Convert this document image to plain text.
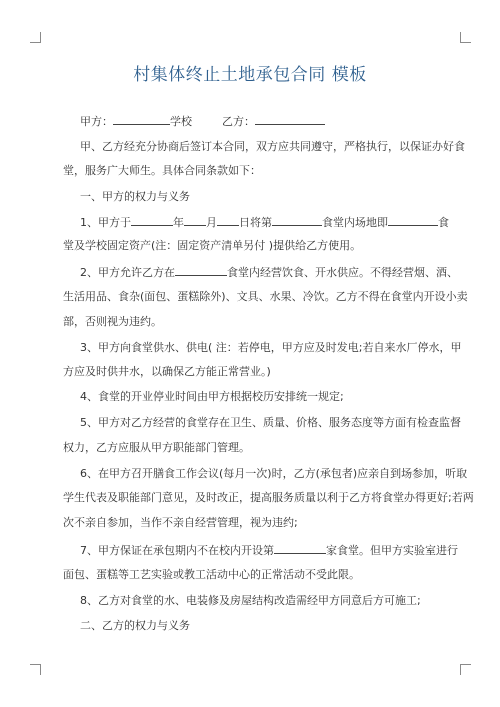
村集体终止土地承包合同 模板
甲方：	学校	乙方：
甲、乙方经充分协商后签订本合同，双方应共同遵守，严格执行，以保证办好食
堂，服务广大师生。具体合同条款如下：
一、甲方的权力与义务
1、甲方于	年 月 日将第	食堂内场地即	食
堂及学校固定资产(注：固定资产清单另付 )提供给乙方使用。
2、甲方允许乙方在	食堂内经营饮食、开水供应。不得经营烟、酒、
生活用品、食杂(面包、蛋糕除外)、文具、水果、冷饮。乙方不得在食堂内开设小卖
部，否则视为违约。
3、甲方向食堂供水、供电( 注：若停电，甲方应及时发电;若自来水厂停水，甲
方应及时供井水，以确保乙方能正常营业。)
4、食堂的开业停业时间由甲方根据校历安排统一规定;
5、甲方对乙方经营的食堂存在卫生、质量、价格、服务态度等方面有检查监督
权力，乙方应服从甲方职能部门管理。
6、在甲方召开膳食工作会议(每月一次)时，乙方(承包者)应亲自到场参加，听取
学生代表及职能部门意见，及时改正，提高服务质量以利于乙方将食堂办得更好;若两
次不亲自参加，当作不亲自经营管理，视为违约;
7、甲方保证在承包期内不在校内开设第	家食堂。但甲方实验室进行
面包、蛋糕等工艺实验或教工活动中心的正常活动不受此限。
8、乙方对食堂的水、电装修及房屋结构改造需经甲方同意后方可施工;
二、乙方的权力与义务
